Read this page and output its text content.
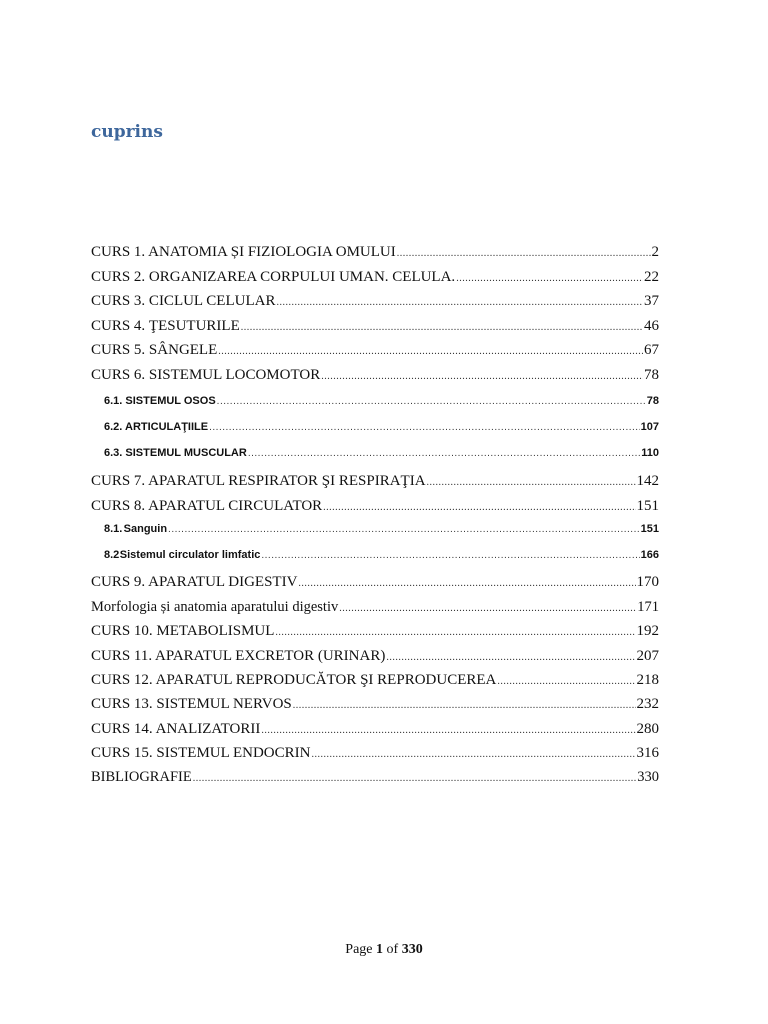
cuprins
CURS 1. ANATOMIA ȘI FIZIOLOGIA OMULUI .....	2
CURS 2. ORGANIZAREA CORPULUI UMAN. CELULA. .....	22
CURS 3. CICLUL CELULAR .....	37
CURS 4. ŢESUTURILE .....	46
CURS 5. SÂNGELE .....	67
CURS 6. SISTEMUL LOCOMOTOR .....	78
6.1. SISTEMUL OSOS .....	78
6.2. ARTICULAŢIILE .....	107
6.3. SISTEMUL MUSCULAR .....	110
CURS 7. APARATUL RESPIRATOR ŞI RESPIRAŢIA .....	142
CURS 8. APARATUL CIRCULATOR .....	151
8.1. Sanguin .....	151
8.2 Sistemul circulator limfatic .....	166
CURS 9. APARATUL DIGESTIV .....	170
Morfologia și anatomia aparatului digestiv .....	171
CURS 10. METABOLISMUL .....	192
CURS 11. APARATUL EXCRETOR (URINAR) .....	207
CURS 12. APARATUL REPRODUCĂTOR ŞI REPRODUCEREA .....	218
CURS 13. SISTEMUL NERVOS .....	232
CURS 14. ANALIZATORII .....	280
CURS 15. SISTEMUL ENDOCRIN .....	316
BIBLIOGRAFIE .....	330
Page 1 of 330
